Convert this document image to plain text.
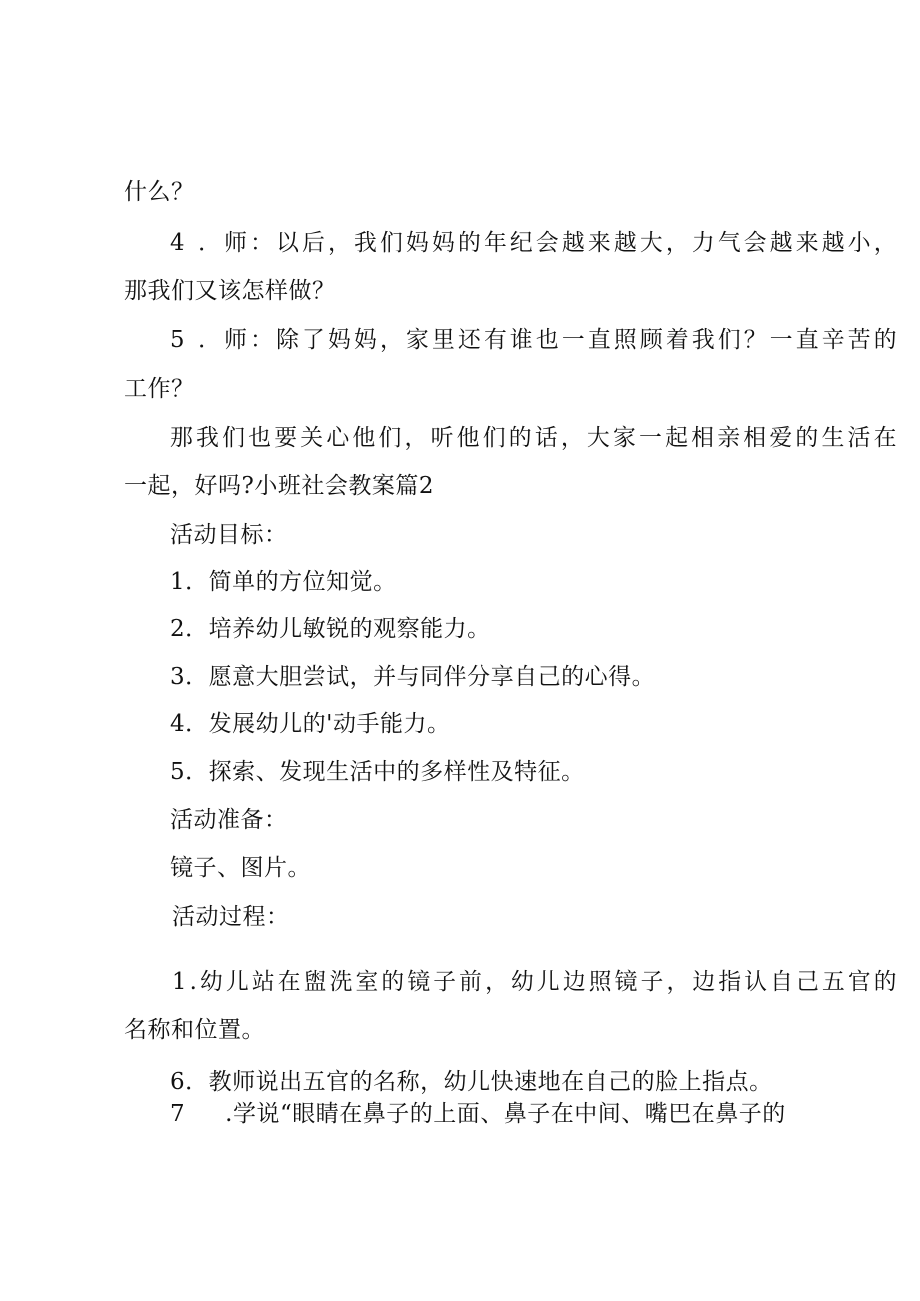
什么？
4 ．师：以后，我们妈妈的年纪会越来越大，力气会越来越小，
那我们又该怎样做？
5 ．师：除了妈妈，家里还有谁也一直照顾着我们？一直辛苦的
工作？
那我们也要关心他们，听他们的话，大家一起相亲相爱的生活在
一起，好吗?小班社会教案篇2
活动目标：
1．简单的方位知觉。
2．培养幼儿敏锐的观察能力。
3．愿意大胆尝试，并与同伴分享自己的心得。
4．发展幼儿的'动手能力。
5．探索、发现生活中的多样性及特征。
活动准备：
镜子、图片。
活动过程：
1.幼儿站在盥洗室的镜子前，幼儿边照镜子，边指认自己五官的
名称和位置。
6．教师说出五官的名称，幼儿快速地在自己的脸上指点。
7 .学说“眼睛在鼻子的上面、鼻子在中间、嘴巴在鼻子的
